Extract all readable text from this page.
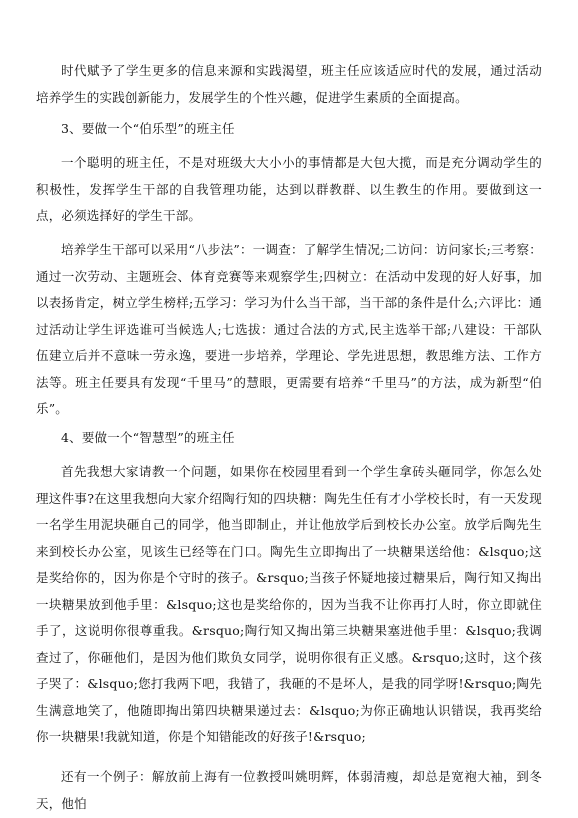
时代赋予了学生更多的信息来源和实践渴望，班主任应该适应时代的发展，通过活动培养学生的实践创新能力，发展学生的个性兴趣，促进学生素质的全面提高。

3、要做一个“伯乐型”的班主任

一个聪明的班主任，不是对班级大大小小的事情都是大包大揽，而是充分调动学生的积极性，发挥学生干部的自我管理功能，达到以群教群、以生教生的作用。要做到这一点，必须选择好的学生干部。

培养学生干部可以采用“八步法”：一调查：了解学生情况;二访问：访问家长;三考察：通过一次劳动、主题班会、体育竞赛等来观察学生;四树立：在活动中发现的好人好事，加以表扬肯定，树立学生榜样;五学习：学习为什么当干部，当干部的条件是什么;六评比：通过活动让学生评选谁可当候选人;七选拔：通过合法的方式,民主选举干部;八建设：干部队伍建立后并不意味一劳永逸，要进一步培养，学理论、学先进思想，教思维方法、工作方法等。班主任要具有发现“千里马”的慧眼，更需要有培养“千里马”的方法，成为新型“伯乐”。

4、要做一个“智慧型”的班主任

首先我想大家请教一个问题，如果你在校园里看到一个学生拿砖头砸同学，你怎么处理这件事?在这里我想向大家介绍陶行知的四块糖：陶先生任有才小学校长时，有一天发现一名学生用泥块砸自己的同学，他当即制止，并让他放学后到校长办公室。放学后陶先生来到校长办公室，见该生已经等在门口。陶先生立即掏出了一块糖果送给他：&lsquo;这是奖给你的，因为你是个守时的孩子。&rsquo;当孩子怀疑地接过糖果后，陶行知又掏出一块糖果放到他手里：&lsquo;这也是奖给你的，因为当我不让你再打人时，你立即就住手了，这说明你很尊重我。&rsquo;陶行知又掏出第三块糖果塞进他手里：&lsquo;我调查过了，你砸他们，是因为他们欺负女同学，说明你很有正义感。&rsquo;这时，这个孩子哭了：&lsquo;您打我两下吧，我错了，我砸的不是坏人，是我的同学呀!&rsquo;陶先生满意地笑了，他随即掏出第四块糖果递过去：&lsquo;为你正确地认识错误，我再奖给你一块糖果!我就知道，你是个知错能改的好孩子!&rsquo;

还有一个例子：解放前上海有一位教授叫姚明辉，体弱清瘦，却总是宽袍大袖，到冬天，他怕
